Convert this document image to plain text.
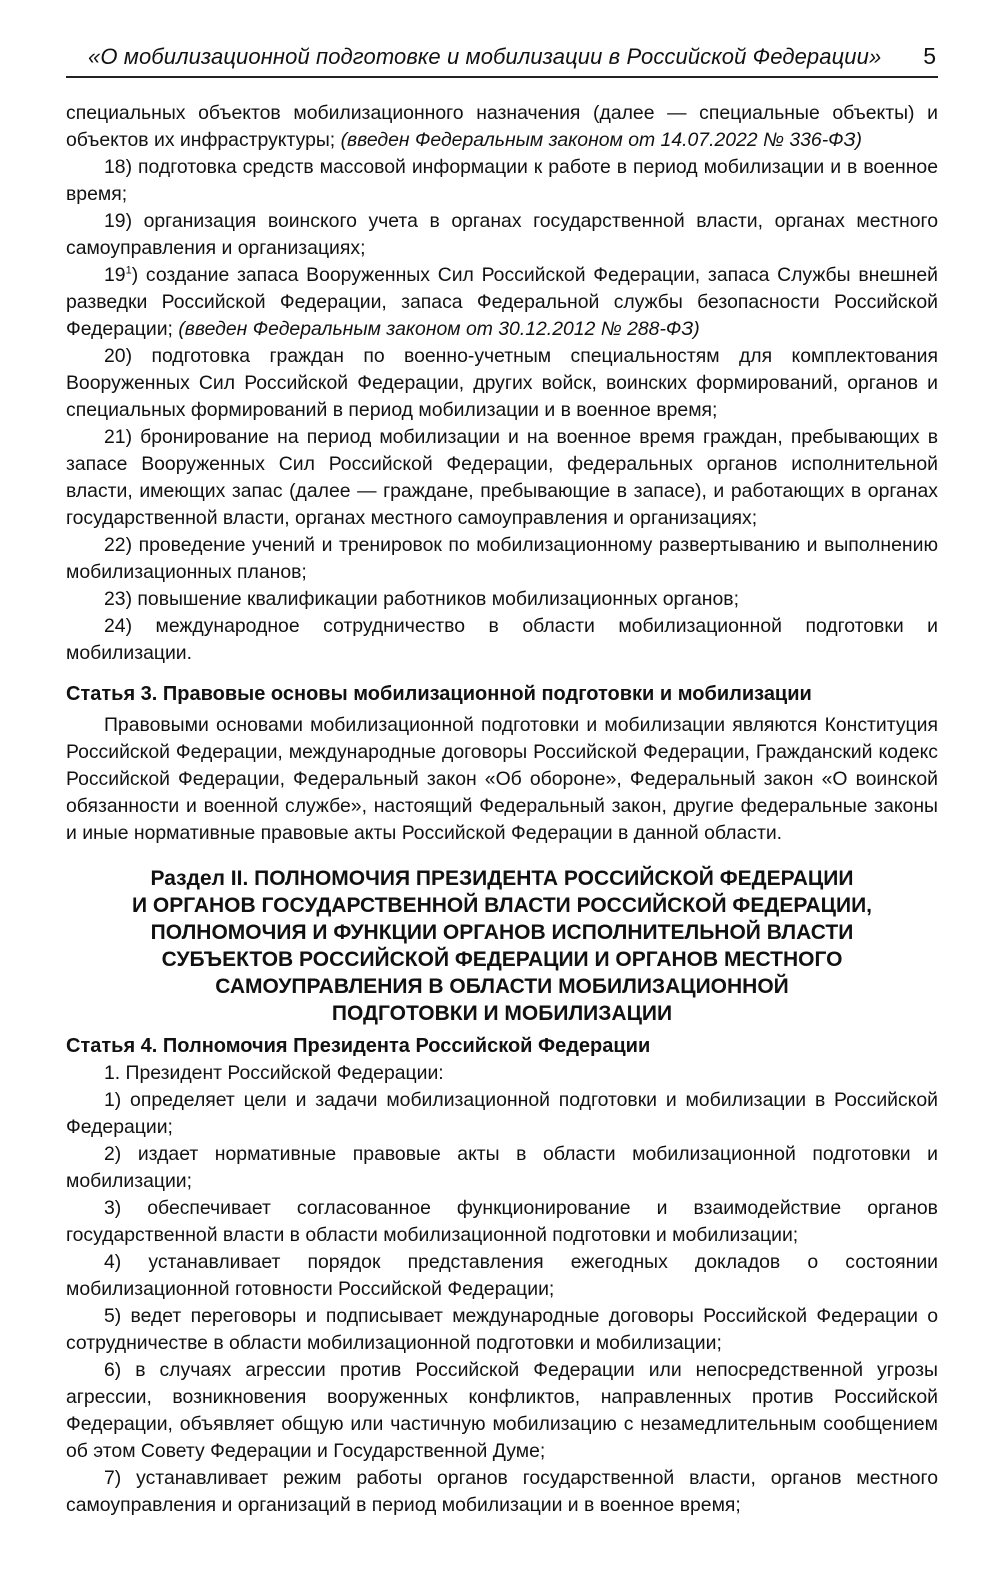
«О мобилизационной подготовке и мобилизации в Российской Федерации» 5

специальных объектов мобилизационного назначения (далее — специальные объекты) и объектов их инфраструктуры; (введен Федеральным законом от 14.07.2022 № 336-ФЗ)

18) подготовка средств массовой информации к работе в период мобилизации и в военное время;

19) организация воинского учета в органах государственной власти, органах местного самоуправления и организациях;

$19^1$) создание запаса Вооруженных Сил Российской Федерации, запаса Службы внешней разведки Российской Федерации, запаса Федеральной службы безопасности Российской Федерации; (введен Федеральным законом от 30.12.2012 № 288-ФЗ)

20) подготовка граждан по военно-учетным специальностям для комплектования Вооруженных Сил Российской Федерации, других войск, воинских формирований, органов и специальных формирований в период мобилизации и в военное время;

21) бронирование на период мобилизации и на военное время граждан, пребывающих в запасе Вооруженных Сил Российской Федерации, федеральных органов исполнительной власти, имеющих запас (далее — граждане, пребывающие в запасе), и работающих в органах государственной власти, органах местного самоуправления и организациях;

22) проведение учений и тренировок по мобилизационному развертыванию и выполнению мобилизационных планов;

23) повышение квалификации работников мобилизационных органов;

24) международное сотрудничество в области мобилизационной подготовки и мобилизации.

Статья 3. Правовые основы мобилизационной подготовки и мобилизации

Правовыми основами мобилизационной подготовки и мобилизации являются Конституция Российской Федерации, международные договоры Российской Федерации, Гражданский кодекс Российской Федерации, Федеральный закон «Об обороне», Федеральный закон «О воинской обязанности и военной службе», настоящий Федеральный закон, другие федеральные законы и иные нормативные правовые акты Российской Федерации в данной области.

Раздел II. ПОЛНОМОЧИЯ ПРЕЗИДЕНТА РОССИЙСКОЙ ФЕДЕРАЦИИ
И ОРГАНОВ ГОСУДАРСТВЕННОЙ ВЛАСТИ РОССИЙСКОЙ ФЕДЕРАЦИИ,
ПОЛНОМОЧИЯ И ФУНКЦИИ ОРГАНОВ ИСПОЛНИТЕЛЬНОЙ ВЛАСТИ
СУБЪЕКТОВ РОССИЙСКОЙ ФЕДЕРАЦИИ И ОРГАНОВ МЕСТНОГО
САМОУПРАВЛЕНИЯ В ОБЛАСТИ МОБИЛИЗАЦИОННОЙ
ПОДГОТОВКИ И МОБИЛИЗАЦИИ

Статья 4. Полномочия Президента Российской Федерации

1. Президент Российской Федерации:

1) определяет цели и задачи мобилизационной подготовки и мобилизации в Российской Федерации;

2) издает нормативные правовые акты в области мобилизационной подготовки и мобилизации;

3) обеспечивает согласованное функционирование и взаимодействие органов государственной власти в области мобилизационной подготовки и мобилизации;

4) устанавливает порядок представления ежегодных докладов о состоянии мобилизационной готовности Российской Федерации;

5) ведет переговоры и подписывает международные договоры Российской Федерации о сотрудничестве в области мобилизационной подготовки и мобилизации;

6) в случаях агрессии против Российской Федерации или непосредственной угрозы агрессии, возникновения вооруженных конфликтов, направленных против Российской Федерации, объявляет общую или частичную мобилизацию с незамедлительным сообщением об этом Совету Федерации и Государственной Думе;

7) устанавливает режим работы органов государственной власти, органов местного самоуправления и организаций в период мобилизации и в военное время;
